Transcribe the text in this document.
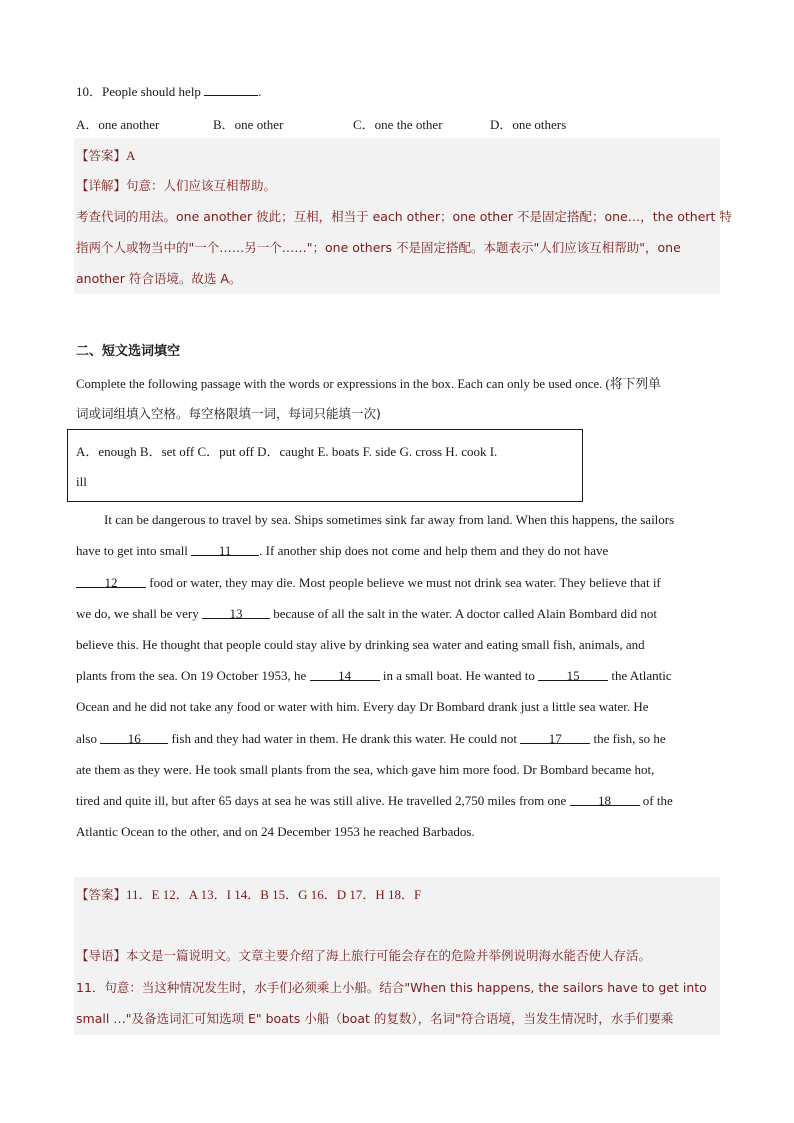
10．People should help	.
A．one another	B．one other	C．one the other	D．one others
【答案】A
【详解】句意：人们应该互相帮助。
考查代词的用法。one another 彼此；互相，相当于 each other；one other 不是固定搭配；one…，the othert 特
指两个人或物当中的"一个……另一个……"；one others 不是固定搭配。本题表示"人们应该互相帮助"，one
another 符合语境。故选 A。
二、短文选词填空
Complete the following passage with the words or expressions in the box. Each can only be used once. (将下列单
词或词组填入空格。每空格限填一词，每词只能填一次)
A．enough B．set off C．put off D．caught E. boats F. side G. cross H. cook I.
ill
It can be dangerous to travel by sea. Ships sometimes sink far away from land. When this happens, the sailors
have to get into small 11 . If another ship does not come and help them and they do not have
12 food or water, they may die. Most people believe we must not drink sea water. They believe that if
we do, we shall be very 13 because of all the salt in the water. A doctor called Alain Bombard did not
believe this. He thought that people could stay alive by drinking sea water and eating small fish, animals, and
plants from the sea. On 19 October 1953, he 14 in a small boat. He wanted to 15 the Atlantic
Ocean and he did not take any food or water with him. Every day Dr Bombard drank just a little sea water. He
also 16 fish and they had water in them. He drank this water. He could not 17 the fish, so he
ate them as they were. He took small plants from the sea, which gave him more food. Dr Bombard became hot,
tired and quite ill, but after 65 days at sea he was still alive. He travelled 2,750 miles from one 18 of the
Atlantic Ocean to the other, and on 24 December 1953 he reached Barbados.
【答案】11．E 12．A 13．I 14．B 15．G 16．D 17．H 18．F
【导语】本文是一篇说明文。文章主要介绍了海上旅行可能会存在的危险并举例说明海水能否使人存活。
11．句意：当这种情况发生时，水手们必须乘上小船。结合"When this happens, the sailors have to get into
small …"及备选词汇可知选项 E" boats 小船（boat 的复数），名词"符合语境，当发生情况时，水手们要乘
